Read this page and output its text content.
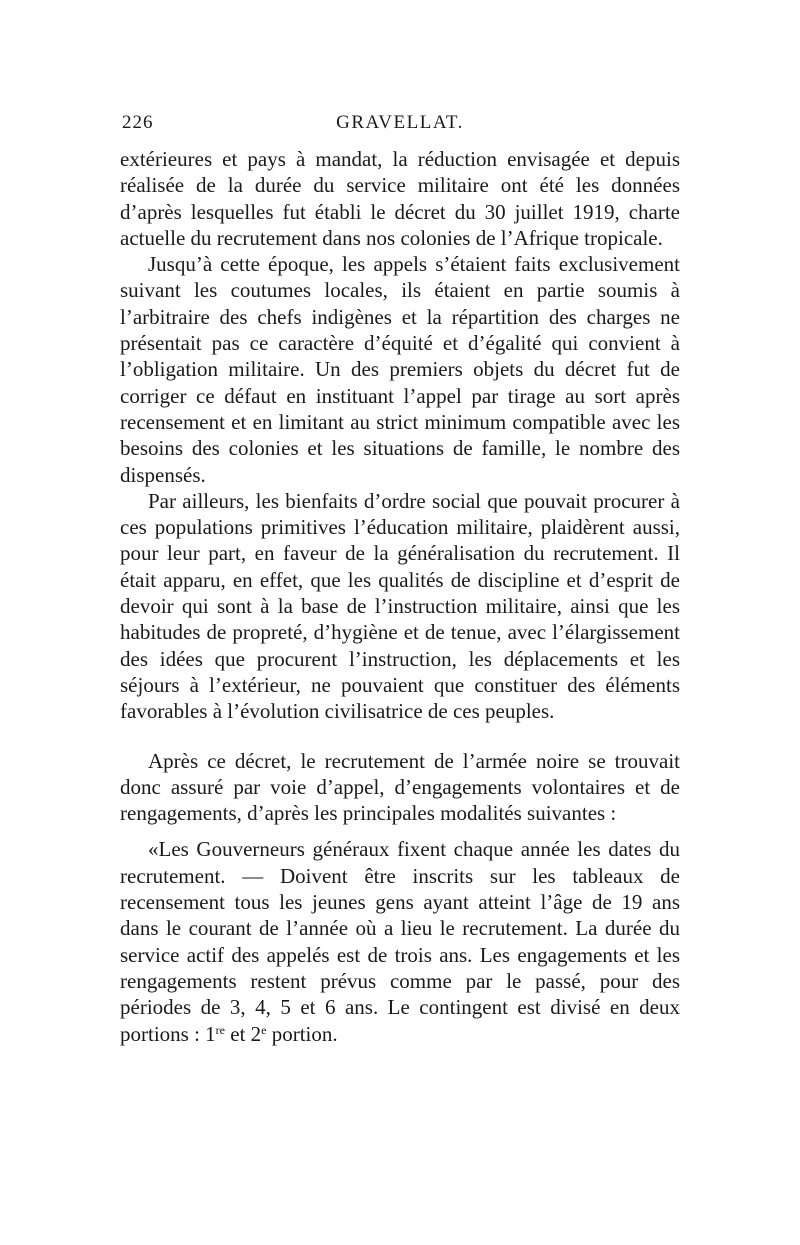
226	GRAVELLAT.

extérieures et pays à mandat, la réduction envisagée et depuis réalisée de la durée du service militaire ont été les données d’après lesquelles fut établi le décret du 30 juillet 1919, charte actuelle du recrutement dans nos colonies de l’Afrique tropicale.

Jusqu’à cette époque, les appels s’étaient faits exclusivement suivant les coutumes locales, ils étaient en partie soumis à l’arbitraire des chefs indigènes et la répartition des charges ne présentait pas ce caractère d’équité et d’égalité qui convient à l’obligation militaire. Un des premiers objets du décret fut de corriger ce défaut en instituant l’appel par tirage au sort après recensement et en limitant au strict minimum compatible avec les besoins des colonies et les situations de famille, le nombre des dispensés.

Par ailleurs, les bienfaits d’ordre social que pouvait procurer à ces populations primitives l’éducation militaire, plaidèrent aussi, pour leur part, en faveur de la généralisation du recrutement. Il était apparu, en effet, que les qualités de discipline et d’esprit de devoir qui sont à la base de l’instruction militaire, ainsi que les habitudes de propreté, d’hygiène et de tenue, avec l’élargissement des idées que procurent l’instruction, les déplacements et les séjours à l’extérieur, ne pouvaient que constituer des éléments favorables à l’évolution civilisatrice de ces peuples.

Après ce décret, le recrutement de l’armée noire se trouvait donc assuré par voie d’appel, d’engagements volontaires et de rengagements, d’après les principales modalités suivantes :

«Les Gouverneurs généraux fixent chaque année les dates du recrutement. — Doivent être inscrits sur les tableaux de recensement tous les jeunes gens ayant atteint l’âge de 19 ans dans le courant de l’année où a lieu le recrutement. La durée du service actif des appelés est de trois ans. Les engagements et les rengagements restent prévus comme par le passé, pour des périodes de 3, 4, 5 et 6 ans. Le contingent est divisé en deux portions : 1re et 2e portion.
